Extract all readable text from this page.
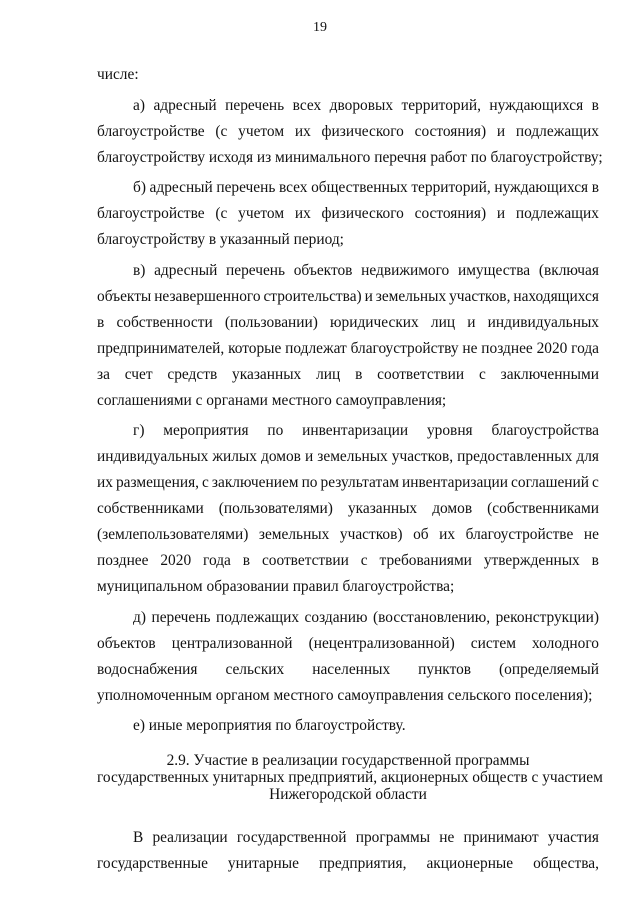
19
числе:
а) адресный перечень всех дворовых территорий, нуждающихся в
благоустройстве (с учетом их физического состояния) и подлежащих
благоустройству исходя из минимального перечня работ по благоустройству;
б) адресный перечень всех общественных территорий, нуждающихся в
благоустройстве (с учетом их физического состояния) и подлежащих
благоустройству в указанный период;
в) адресный перечень объектов недвижимого имущества (включая
объекты незавершенного строительства) и земельных участков, находящихся
в собственности (пользовании) юридических лиц и индивидуальных
предпринимателей, которые подлежат благоустройству не позднее 2020 года
за счет средств указанных лиц в соответствии с заключенными
соглашениями с органами местного самоуправления;
г) мероприятия по инвентаризации уровня благоустройства
индивидуальных жилых домов и земельных участков, предоставленных для
их размещения, с заключением по результатам инвентаризации соглашений с
собственниками (пользователями) указанных домов (собственниками
(землепользователями) земельных участков) об их благоустройстве не
позднее 2020 года в соответствии с требованиями утвержденных в
муниципальном образовании правил благоустройства;
д) перечень подлежащих созданию (восстановлению, реконструкции)
объектов централизованной (нецентрализованной) систем холодного
водоснабжения сельских населенных пунктов (определяемый
уполномоченным органом местного самоуправления сельского поселения);
е) иные мероприятия по благоустройству.
2.9. Участие в реализации государственной программы
государственных унитарных предприятий, акционерных обществ с участием
Нижегородской области
В реализации государственной программы не принимают участия
государственные унитарные предприятия, акционерные общества,
